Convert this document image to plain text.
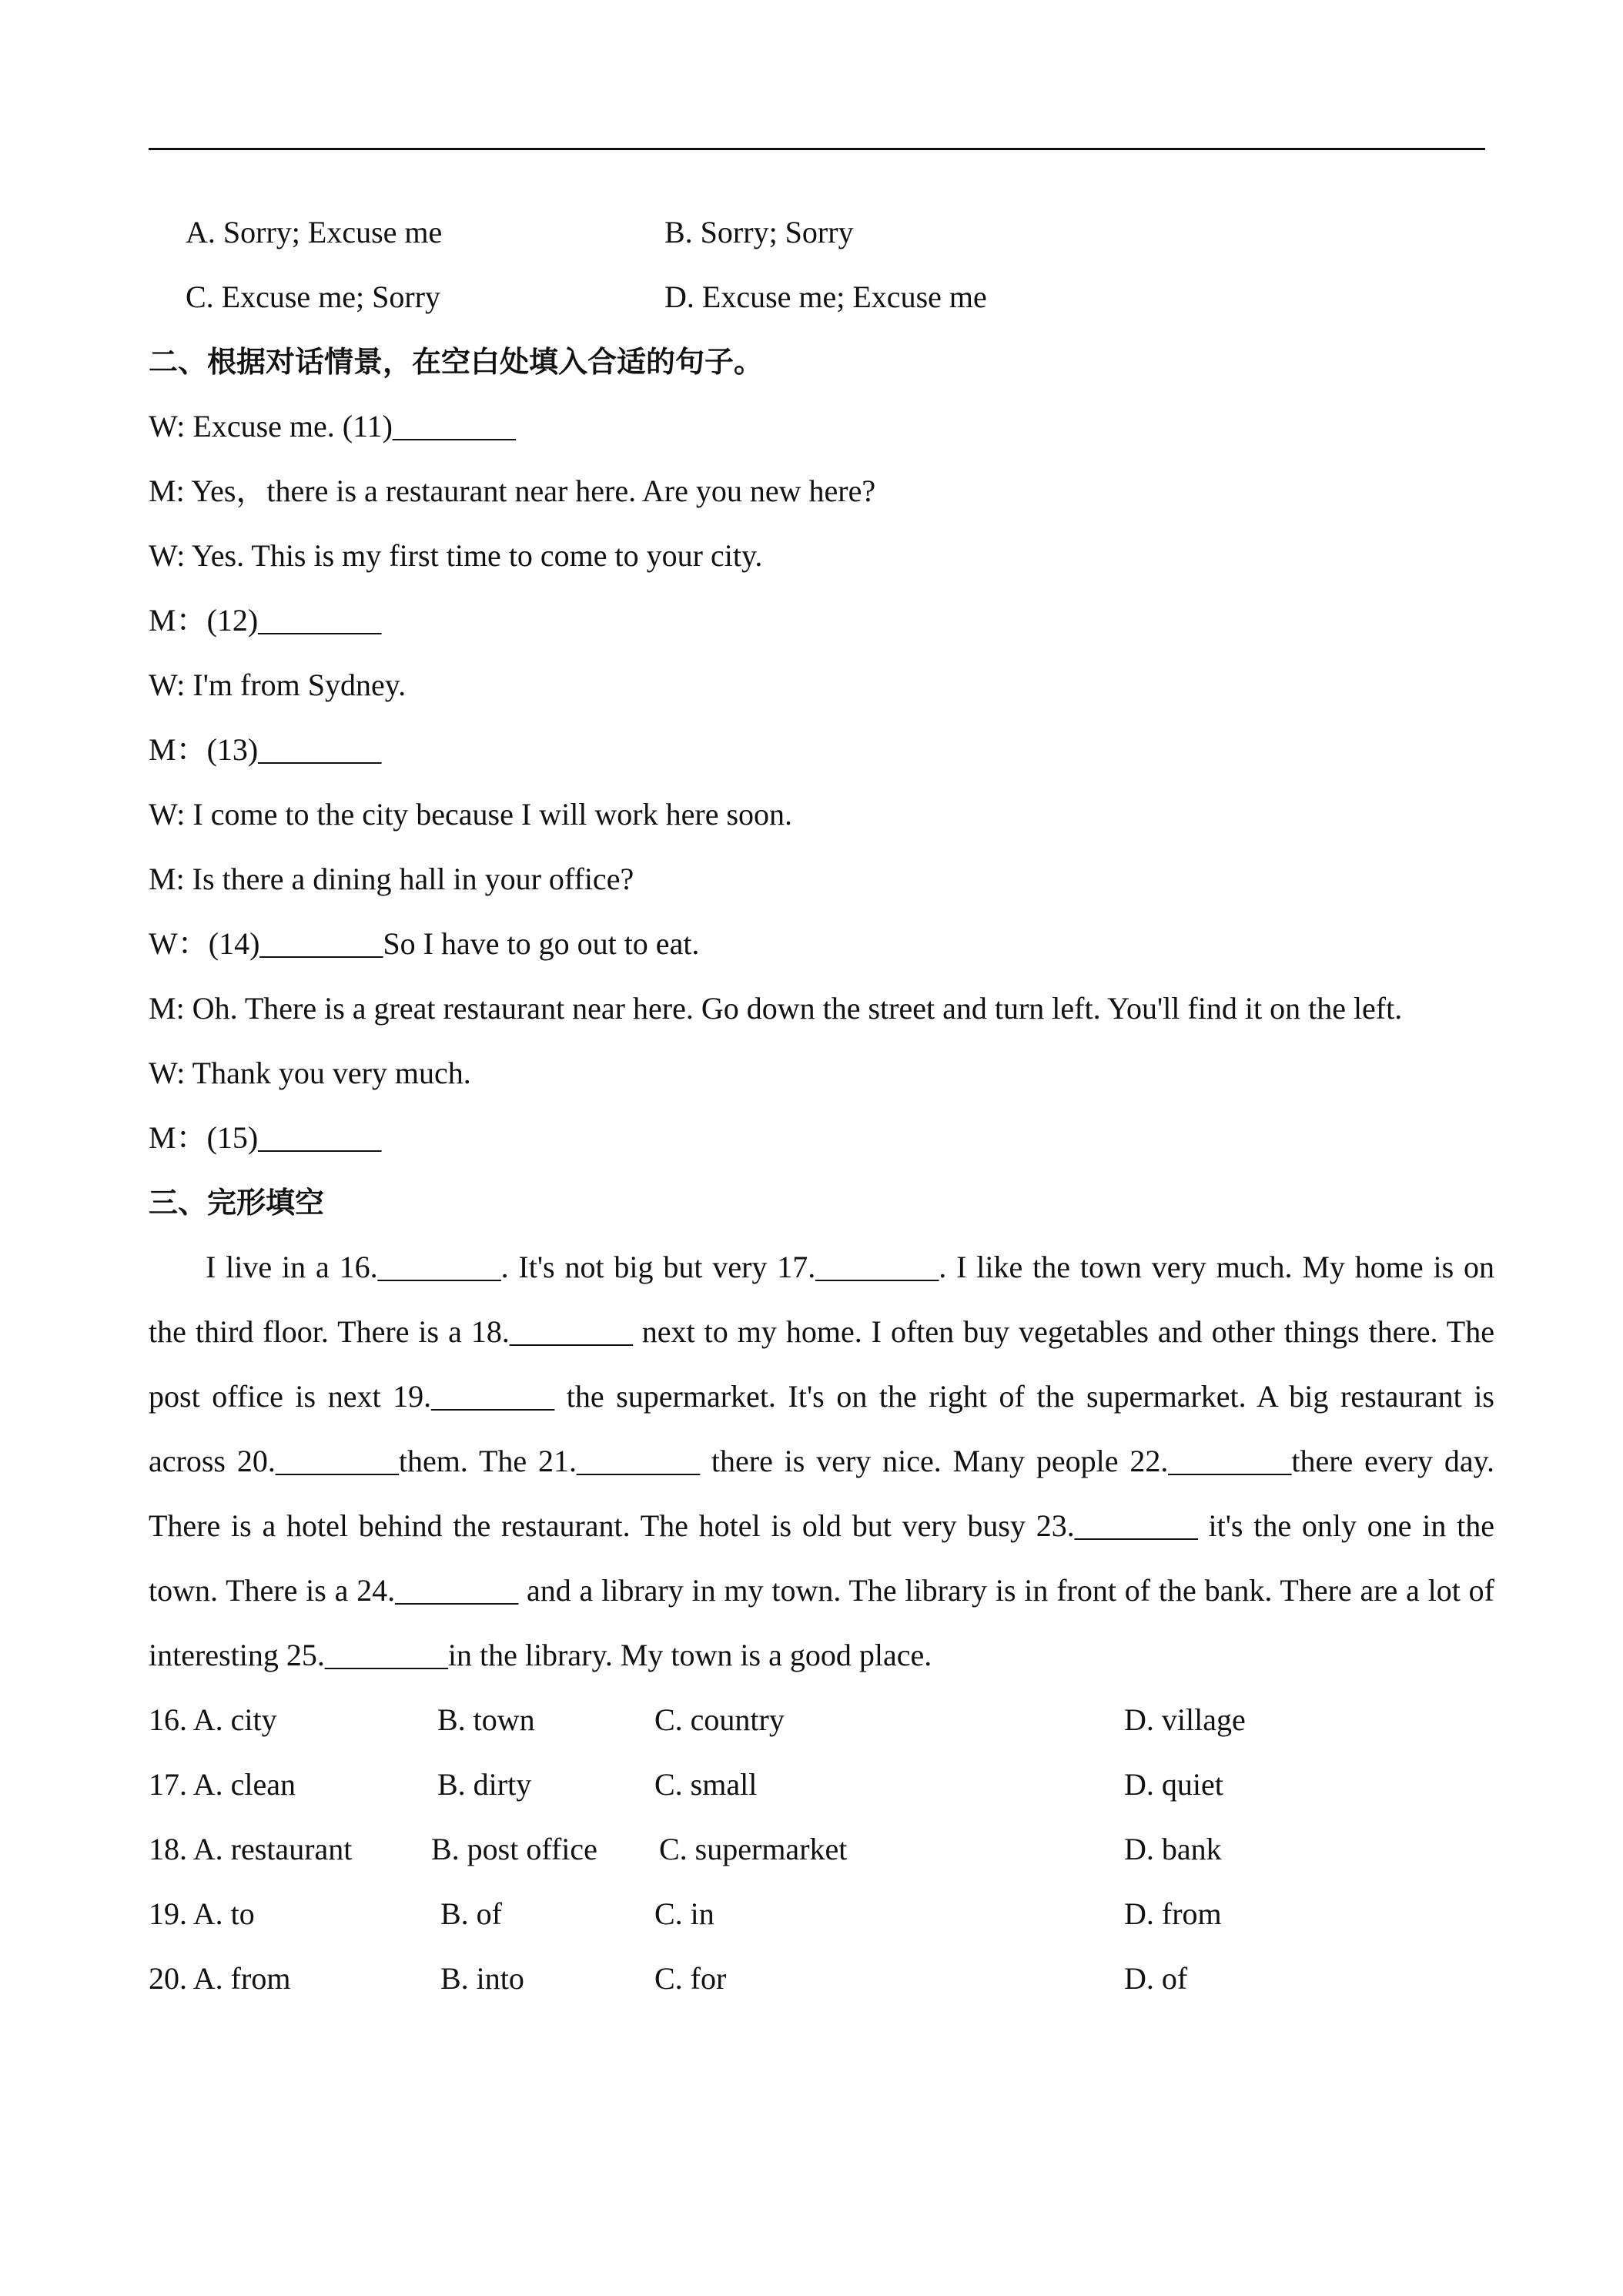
A. Sorry; Excuse me	B. Sorry; Sorry
C. Excuse me; Sorry	D. Excuse me; Excuse me
二、根据对话情景，在空白处填入合适的句子。
W: Excuse me. (11)________
M: Yes，there is a restaurant near here. Are you new here?
W: Yes. This is my first time to come to your city.
M：(12)________
W: I'm from Sydney.
M：(13)________
W: I come to the city because I will work here soon.
M: Is there a dining hall in your office?
W：(14)________So I have to go out to eat.
M: Oh. There is a great restaurant near here. Go down the street and turn left. You'll find it on the left.
W: Thank you very much.
M：(15)________
三、完形填空
I live in a 16.________. It's not big but very 17.________. I like the town very much. My home is on the third floor. There is a 18.________ next to my home. I often buy vegetables and other things there. The post office is next 19.________ the supermarket. It's on the right of the supermarket. A big restaurant is across 20.________them. The 21.________ there is very nice. Many people 22.________there every day. There is a hotel behind the restaurant. The hotel is old but very busy 23.________ it's the only one in the town. There is a 24.________ and a library in my town. The library is in front of the bank. There are a lot of interesting 25.________in the library. My town is a good place.
16. A. city	B. town	C. country	D. village
17. A. clean	B. dirty	C. small	D. quiet
18. A. restaurant	B. post office	C. supermarket	D. bank
19. A. to	B. of	C. in	D. from
20. A. from	B. into	C. for	D. of
